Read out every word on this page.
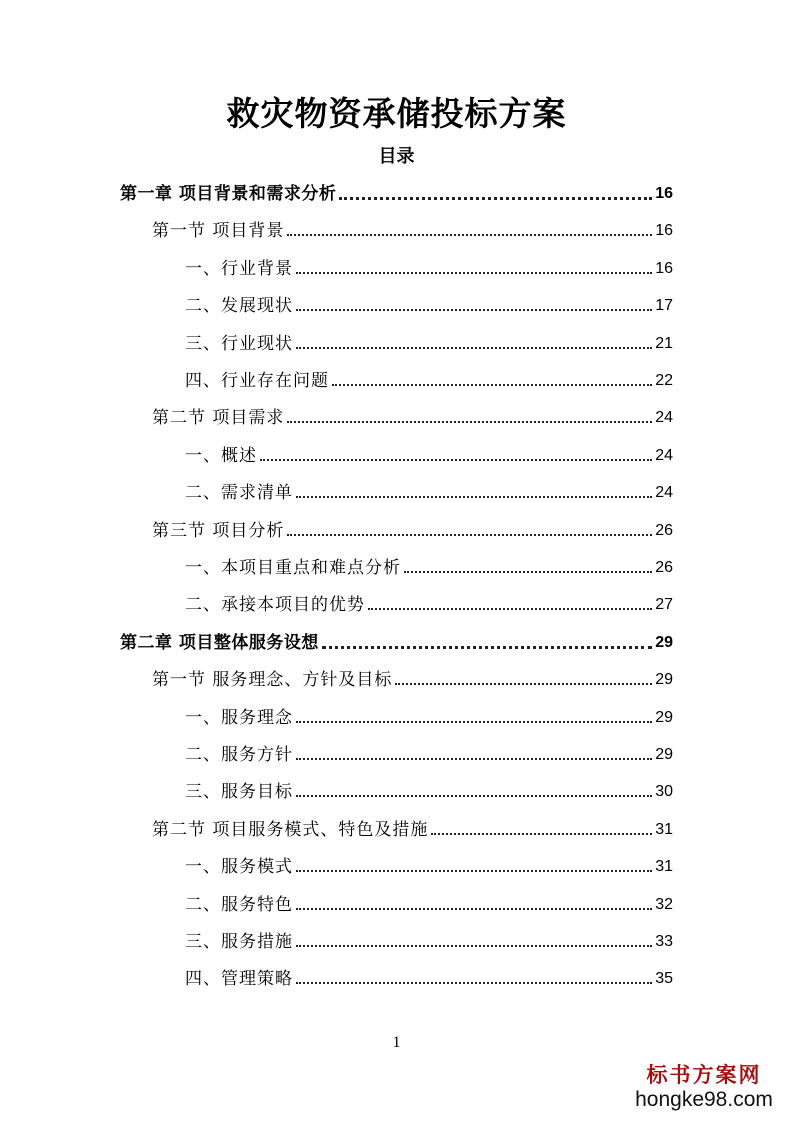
救灾物资承储投标方案
目录
第一章 项目背景和需求分析	16
第一节 项目背景	16
一、行业背景	16
二、发展现状	17
三、行业现状	21
四、行业存在问题	22
第二节 项目需求	24
一、概述	24
二、需求清单	24
第三节 项目分析	26
一、本项目重点和难点分析	26
二、承接本项目的优势	27
第二章 项目整体服务设想	29
第一节 服务理念、方针及目标	29
一、服务理念	29
二、服务方针	29
三、服务目标	30
第二节 项目服务模式、特色及措施	31
一、服务模式	31
二、服务特色	32
三、服务措施	33
四、管理策略	35
1
标书方案网
hongke98.com
